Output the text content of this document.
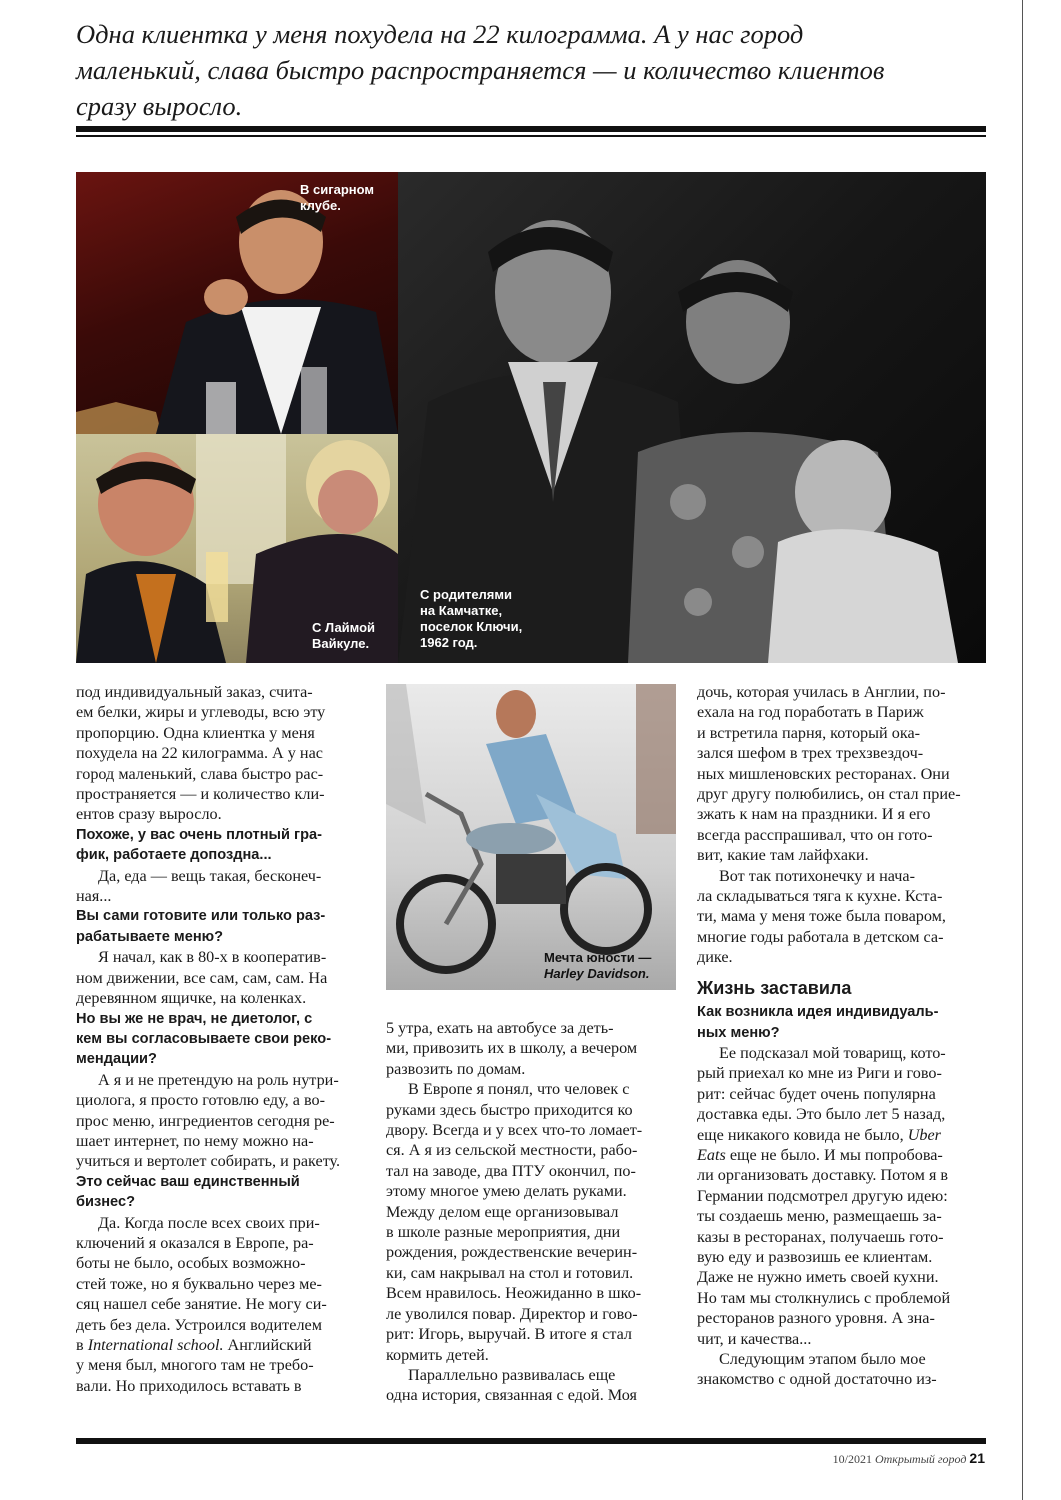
Одна клиентка у меня похудела на 22 килограмма. А у нас город
маленький, слава быстро распространяется — и количество клиентов
сразу выросло.
В сигарном
клубе.
С Лаймой
Вайкуле.
С родителями
на Камчатке,
поселок Ключи,
1962 год.
под индивидуальный заказ, счита-
ем белки, жиры и углеводы, всю эту
пропорцию. Одна клиентка у меня
похудела на 22 килограмма. А у нас
город маленький, слава быстро рас-
пространяется — и количество кли-
ентов сразу выросло.
Похоже, у вас очень плотный гра-
фик, работаете допоздна...
Да, еда — вещь такая, бесконеч-
ная...
Вы сами готовите или только раз-
рабатываете меню?
Я начал, как в 80-х в кооператив-
ном движении, все сам, сам, сам. На
деревянном ящичке, на коленках.
Но вы же не врач, не диетолог, с
кем вы согласовываете свои реко-
мендации?
А я и не претендую на роль нутри-
циолога, я просто готовлю еду, а во-
прос меню, ингредиентов сегодня ре-
шает интернет, по нему можно на-
учиться и вертолет собирать, и ракету.
Это сейчас ваш единственный
бизнес?
Да. Когда после всех своих при-
ключений я оказался в Европе, ра-
боты не было, особых возможно-
стей тоже, но я буквально через ме-
сяц нашел себе занятие. Не могу си-
деть без дела. Устроился водителем
в International school. Английский
у меня был, многого там не требо-
вали. Но приходилось вставать в
Мечта юности —
Harley Davidson.
5 утра, ехать на автобусе за деть-
ми, привозить их в школу, а вечером
развозить по домам.
В Европе я понял, что человек с
руками здесь быстро приходится ко
двору. Всегда и у всех что-то ломает-
ся. А я из сельской местности, рабо-
тал на заводе, два ПТУ окончил, по-
этому многое умею делать руками.
Между делом еще организовывал
в школе разные мероприятия, дни
рождения, рождественские вечерин-
ки, сам накрывал на стол и готовил.
Всем нравилось. Неожиданно в шко-
ле уволился повар. Директор и гово-
рит: Игорь, выручай. В итоге я стал
кормить детей.
Параллельно развивалась еще
одна история, связанная с едой. Моя
дочь, которая училась в Англии, по-
ехала на год поработать в Париж
и встретила парня, который ока-
зался шефом в трех трехзвездоч-
ных мишленовских ресторанах. Они
друг другу полюбились, он стал прие-
зжать к нам на праздники. И я его
всегда расспрашивал, что он гото-
вит, какие там лайфхаки.
Вот так потихонечку и нача-
ла складываться тяга к кухне. Кста-
ти, мама у меня тоже была поваром,
многие годы работала в детском са-
дике.
Жизнь заставила
Как возникла идея индивидуаль-
ных меню?
Ее подсказал мой товарищ, кото-
рый приехал ко мне из Риги и гово-
рит: сейчас будет очень популярна
доставка еды. Это было лет 5 назад,
еще никакого ковида не было, Uber
Eats еще не было. И мы попробова-
ли организовать доставку. Потом я в
Германии подсмотрел другую идею:
ты создаешь меню, размещаешь за-
казы в ресторанах, получаешь гото-
вую еду и развозишь ее клиентам.
Даже не нужно иметь своей кухни.
Но там мы столкнулись с проблемой
ресторанов разного уровня. А зна-
чит, и качества...
Следующим этапом было мое
знакомство с одной достаточно из-
10/2021 Открытый город 21
